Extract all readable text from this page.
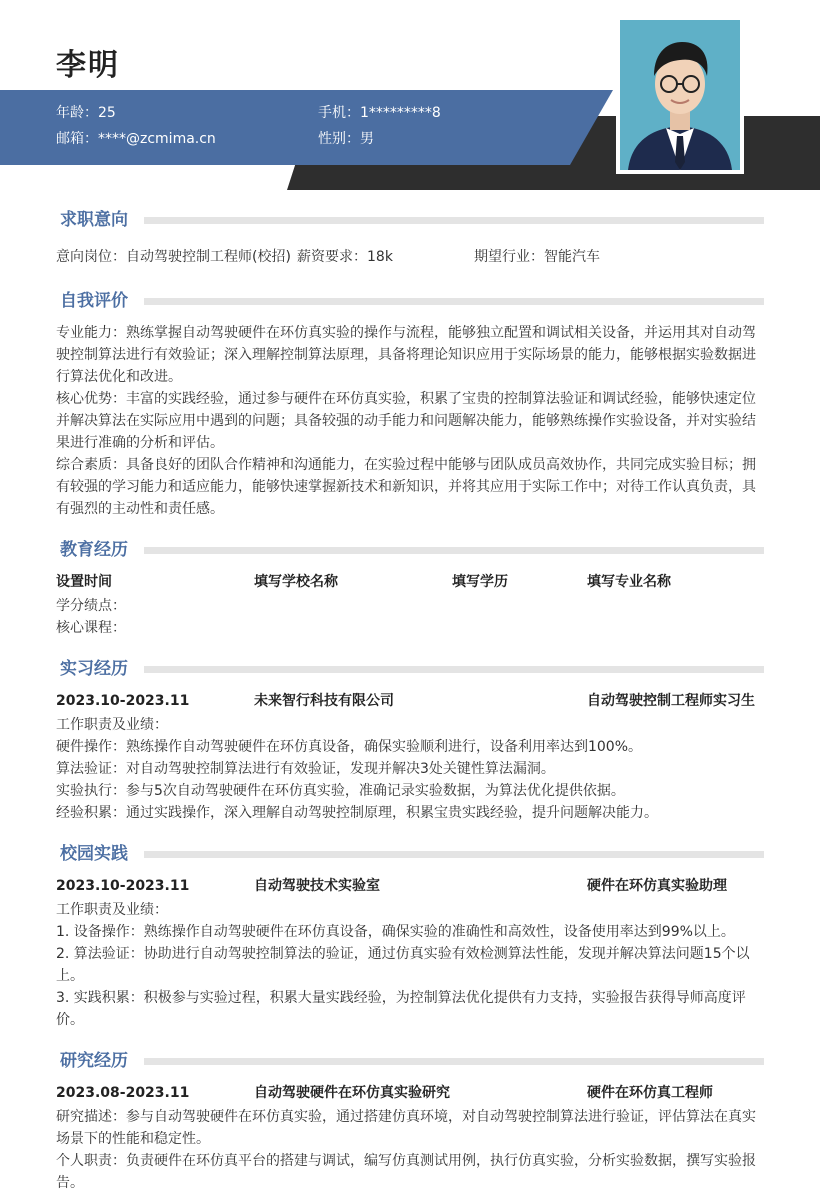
李明
年龄：25	手机：1*********8
邮箱：****@zcmima.cn	性别：男
求职意向
意向岗位：自动驾驶控制工程师(校招) 薪资要求：18k	期望行业：智能汽车
自我评价
专业能力：熟练掌握自动驾驶硬件在环仿真实验的操作与流程，能够独立配置和调试相关设备，并运用其对自动驾驶控制算法进行有效验证；深入理解控制算法原理，具备将理论知识应用于实际场景的能力，能够根据实验数据进行算法优化和改进。
核心优势：丰富的实践经验，通过参与硬件在环仿真实验，积累了宝贵的控制算法验证和调试经验，能够快速定位并解决算法在实际应用中遇到的问题；具备较强的动手能力和问题解决能力，能够熟练操作实验设备，并对实验结果进行准确的分析和评估。
综合素质：具备良好的团队合作精神和沟通能力，在实验过程中能够与团队成员高效协作，共同完成实验目标；拥有较强的学习能力和适应能力，能够快速掌握新技术和新知识，并将其应用于实际工作中；对待工作认真负责，具有强烈的主动性和责任感。
教育经历
设置时间	填写学校名称	填写学历	填写专业名称
学分绩点：
核心课程：
实习经历
2023.10-2023.11	未来智行科技有限公司	自动驾驶控制工程师实习生
工作职责及业绩：
硬件操作：熟练操作自动驾驶硬件在环仿真设备，确保实验顺利进行，设备利用率达到100%。
算法验证：对自动驾驶控制算法进行有效验证，发现并解决3处关键性算法漏洞。
实验执行：参与5次自动驾驶硬件在环仿真实验，准确记录实验数据，为算法优化提供依据。
经验积累：通过实践操作，深入理解自动驾驶控制原理，积累宝贵实践经验，提升问题解决能力。
校园实践
2023.10-2023.11	自动驾驶技术实验室	硬件在环仿真实验助理
工作职责及业绩：
1. 设备操作：熟练操作自动驾驶硬件在环仿真设备，确保实验的准确性和高效性，设备使用率达到99%以上。
2. 算法验证：协助进行自动驾驶控制算法的验证，通过仿真实验有效检测算法性能，发现并解决算法问题15个以上。
3. 实践积累：积极参与实验过程，积累大量实践经验，为控制算法优化提供有力支持，实验报告获得导师高度评价。
研究经历
2023.08-2023.11	自动驾驶硬件在环仿真实验研究	硬件在环仿真工程师
研究描述：参与自动驾驶硬件在环仿真实验，通过搭建仿真环境，对自动驾驶控制算法进行验证，评估算法在真实场景下的性能和稳定性。
个人职责：负责硬件在环仿真平台的搭建与调试，编写仿真测试用例，执行仿真实验，分析实验数据，撰写实验报告。
